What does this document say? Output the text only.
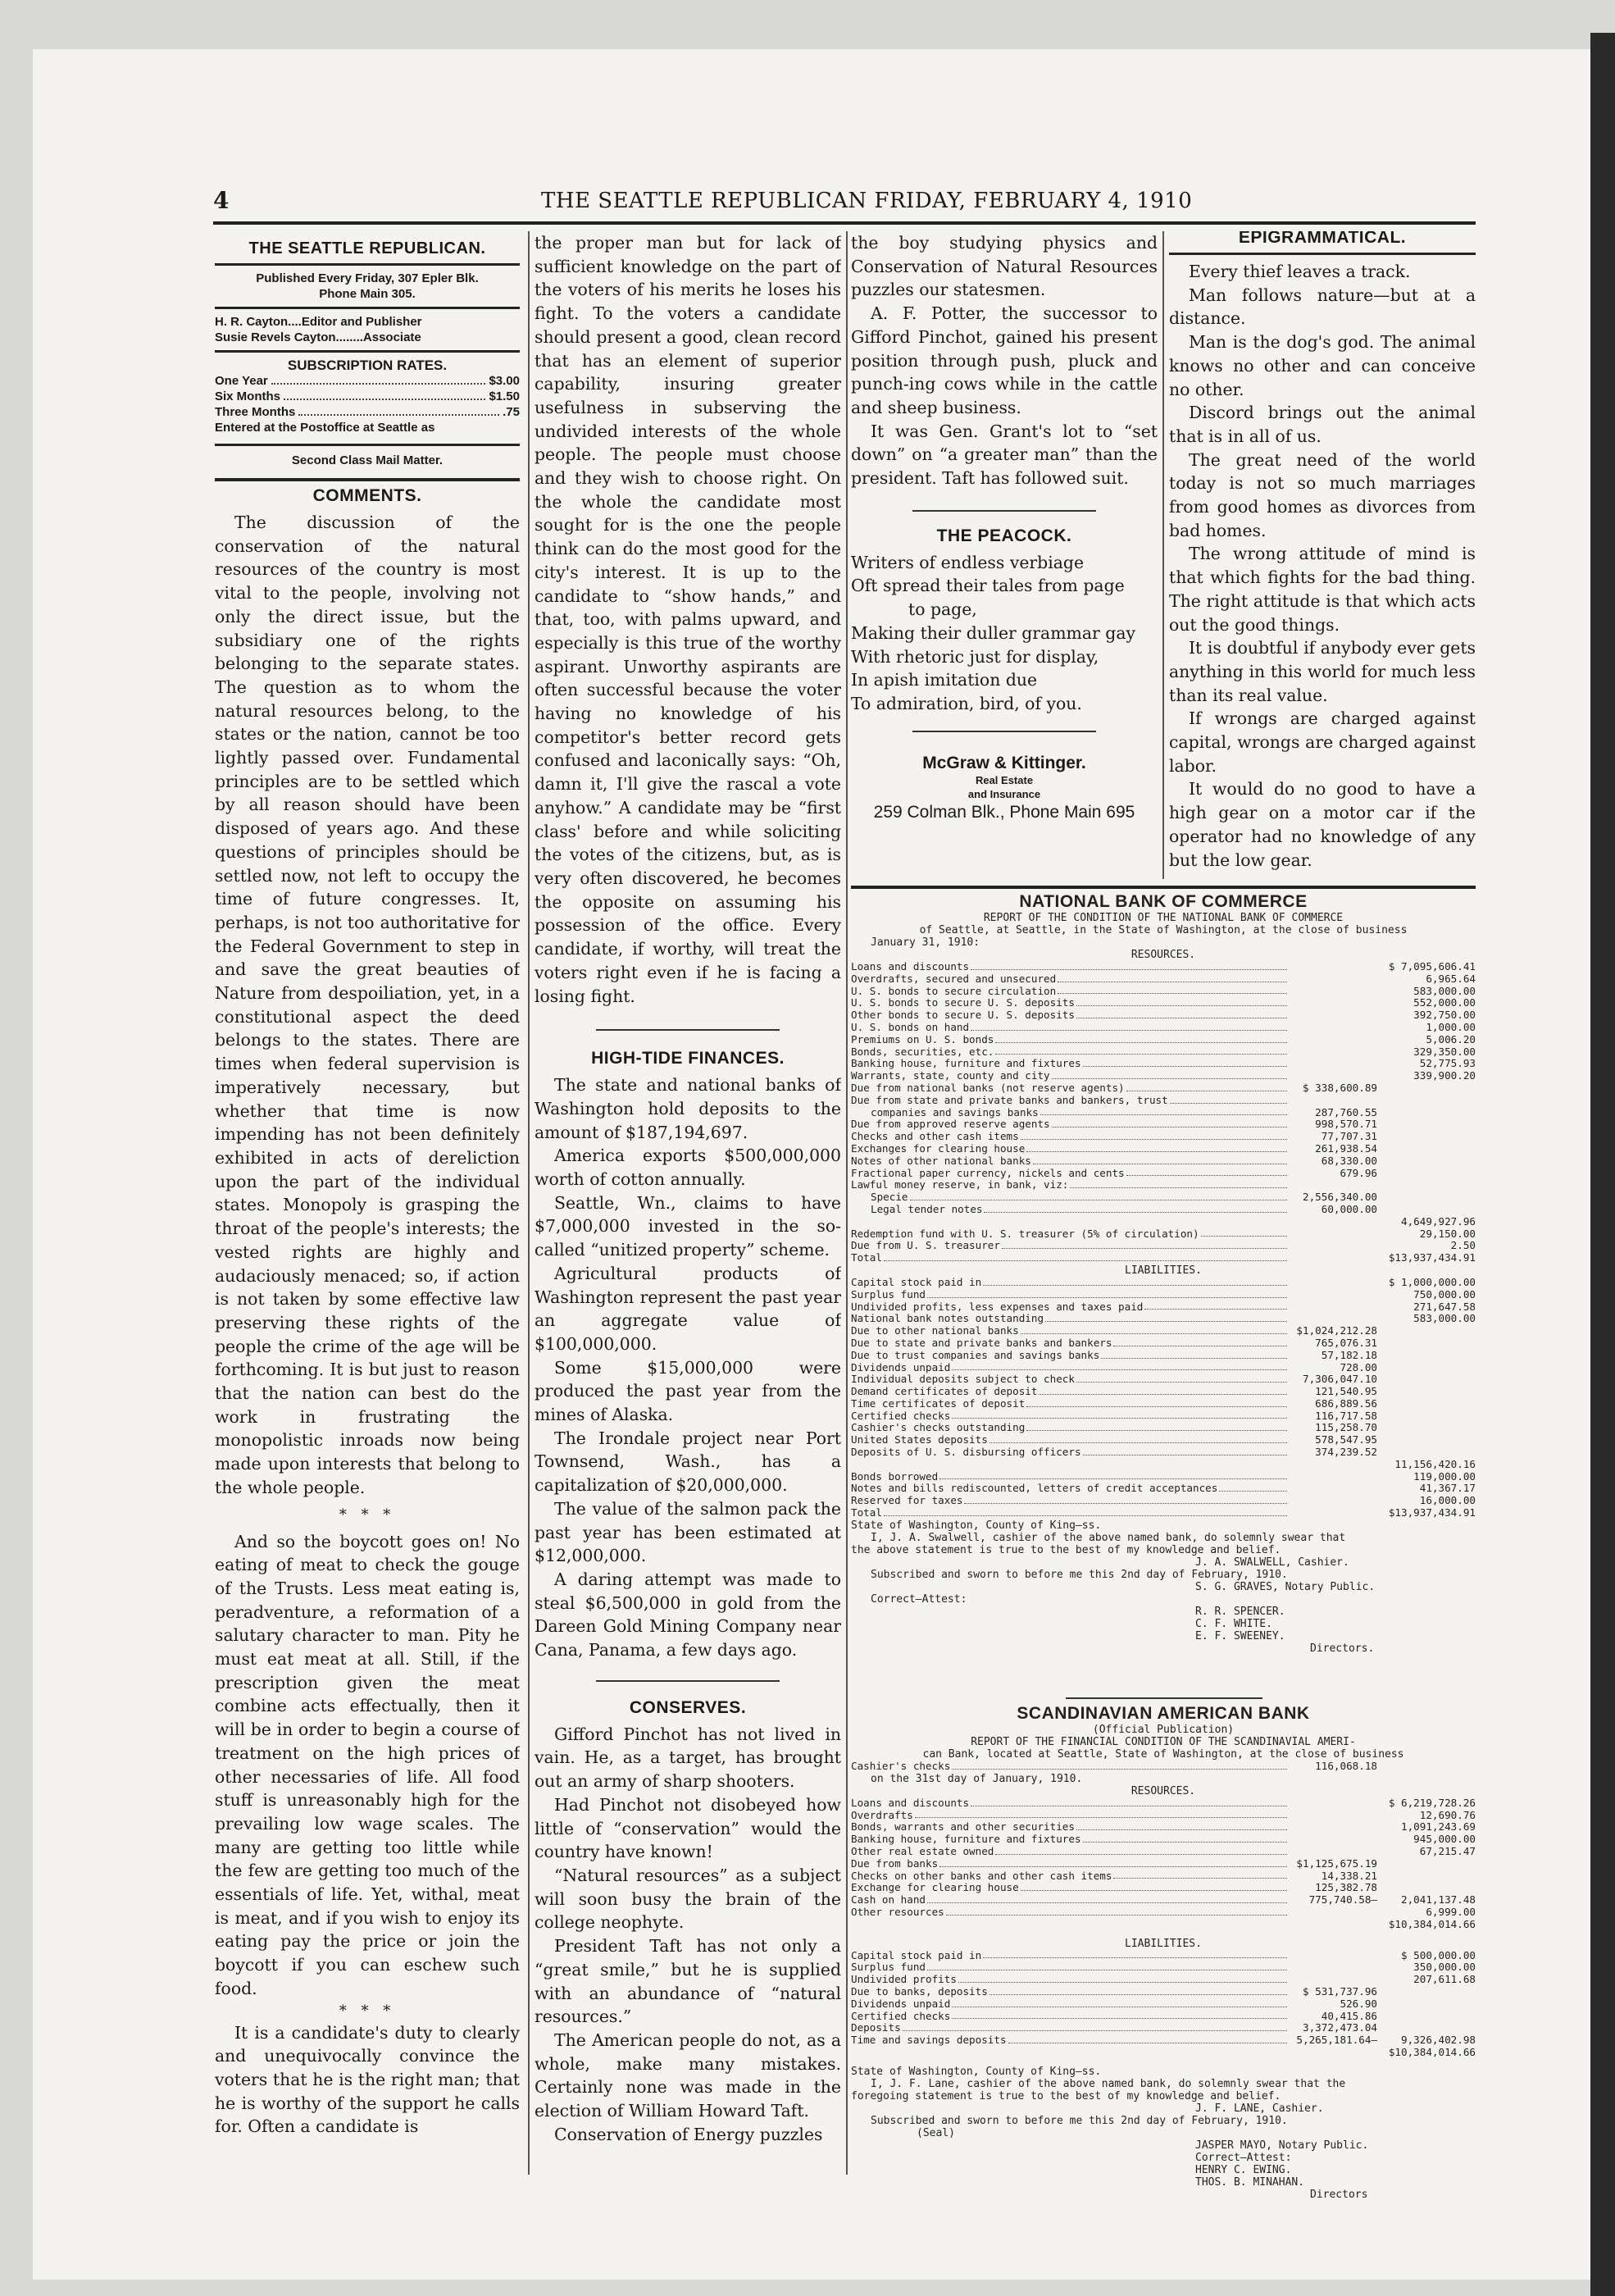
4	THE SEATTLE REPUBLICAN FRIDAY, FEBRUARY 4, 1910

THE SEATTLE REPUBLICAN.

Published Every Friday, 307 Epler Blk.

Phone Main 305.

H. R. Cayton....Editor and Publisher

Susie Revels Cayton........Associate

SUBSCRIPTION RATES.

One Year	$3.00
Six Months	$1.50
Three Months	.75

Entered at the Postoffice at Seattle as

Second Class Mail Matter.

COMMENTS.

The discussion of the conservation of the natural resources of the country is most vital to the people, involving not only the direct issue, but the subsidiary one of the rights belonging to the separate states. The question as to whom the natural resources belong, to the states or the nation, cannot be too lightly passed over. Fundamental principles are to be settled which by all reason should have been disposed of years ago. And these questions of principles should be settled now, not left to occupy the time of future congresses. It, perhaps, is not too authoritative for the Federal Government to step in and save the great beauties of Nature from despoiliation, yet, in a constitutional aspect the deed belongs to the states. There are times when federal supervision is imperatively necessary, but whether that time is now impending has not been definitely exhibited in acts of dereliction upon the part of the individual states. Monopoly is grasping the throat of the people's interests; the vested rights are highly and audaciously menaced; so, if action is not taken by some effective law preserving these rights of the people the crime of the age will be forthcoming. It is but just to reason that the nation can best do the work in frustrating the monopolistic inroads now being made upon interests that belong to the whole people.

* * *

And so the boycott goes on! No eating of meat to check the gouge of the Trusts. Less meat eating is, peradventure, a reformation of a salutary character to man. Pity he must eat meat at all. Still, if the prescription given the meat combine acts effectually, then it will be in order to begin a course of treatment on the high prices of other necessaries of life. All food stuff is unreasonably high for the prevailing low wage scales. The many are getting too little while the few are getting too much of the essentials of life. Yet, withal, meat is meat, and if you wish to enjoy its eating pay the price or join the boycott if you can eschew such food.

* * *

It is a candidate's duty to clearly and unequivocally convince the voters that he is the right man; that he is worthy of the support he calls for. Often a candidate is

the proper man but for lack of sufficient knowledge on the part of the voters of his merits he loses his fight. To the voters a candidate should present a good, clean record that has an element of superior capability, insuring greater usefulness in subserving the undivided interests of the whole people. The people must choose and they wish to choose right. On the whole the candidate most sought for is the one the people think can do the most good for the city's interest. It is up to the candidate to “show hands,” and that, too, with palms upward, and especially is this true of the worthy aspirant. Unworthy aspirants are often successful because the voter having no knowledge of his competitor's better record gets confused and laconically says: “Oh, damn it, I'll give the rascal a vote anyhow.” A candidate may be “first class' before and while soliciting the votes of the citizens, but, as is very often discovered, he becomes the opposite on assuming his possession of the office. Every candidate, if worthy, will treat the voters right even if he is facing a losing fight.

HIGH-TIDE FINANCES.

The state and national banks of Washington hold deposits to the amount of $187,194,697.

America exports $500,000,000 worth of cotton annually.

Seattle, Wn., claims to have $7,000,000 invested in the so-called “unitized property” scheme.

Agricultural products of Washington represent the past year an aggregate value of $100,000,000.

Some $15,000,000 were produced the past year from the mines of Alaska.

The Irondale project near Port Townsend, Wash., has a capitalization of $20,000,000.

The value of the salmon pack the past year has been estimated at $12,000,000.

A daring attempt was made to steal $6,500,000 in gold from the Dareen Gold Mining Company near Cana, Panama, a few days ago.

CONSERVES.

Gifford Pinchot has not lived in vain. He, as a target, has brought out an army of sharp shooters.

Had Pinchot not disobeyed how little of “conservation” would the country have known!

“Natural resources” as a subject will soon busy the brain of the college neophyte.

President Taft has not only a “great smile,” but he is supplied with an abundance of “natural resources.”

The American people do not, as a whole, make many mistakes. Certainly none was made in the election of William Howard Taft.

Conservation of Energy puzzles

the boy studying physics and Conservation of Natural Resources puzzles our statesmen.

A. F. Potter, the successor to Gifford Pinchot, gained his present position through push, pluck and punch-ing cows while in the cattle and sheep business.

It was Gen. Grant's lot to “set down” on “a greater man” than the president. Taft has followed suit.

THE PEACOCK.

Writers of endless verbiage

Oft spread their tales from page

to page,

Making their duller grammar gay

With rhetoric just for display,

In apish imitation due

To admiration, bird, of you.

McGraw & Kittinger.

Real Estate

and Insurance

259 Colman Blk., Phone Main 695

EPIGRAMMATICAL.

Every thief leaves a track.

Man follows nature—but at a distance.

Man is the dog's god. The animal knows no other and can conceive no other.

Discord brings out the animal that is in all of us.

The great need of the world today is not so much marriages from good homes as divorces from bad homes.

The wrong attitude of mind is that which fights for the bad thing. The right attitude is that which acts out the good things.

It is doubtful if anybody ever gets anything in this world for much less than its real value.

If wrongs are charged against capital, wrongs are charged against labor.

It would do no good to have a high gear on a motor car if the operator had no knowledge of any but the low gear.

NATIONAL BANK OF COMMERCE

REPORT OF THE CONDITION OF THE NATIONAL BANK OF COMMERCE

of Seattle, at Seattle, in the State of Washington, at the close of business

January 31, 1910:

RESOURCES.

Loans and discounts	$ 7,095,606.41
Overdrafts, secured and unsecured	6,965.64
U. S. bonds to secure circulation	583,000.00
U. S. bonds to secure U. S. deposits	552,000.00
Other bonds to secure U. S. deposits	392,750.00
U. S. bonds on hand	1,000.00
Premiums on U. S. bonds	5,006.20
Bonds, securities, etc.	329,350.00
Banking house, furniture and fixtures	52,775.93
Warrants, state, county and city	339,900.20
Due from national banks (not reserve agents)	$ 338,600.89
Due from state and private banks and bankers, trust
companies and savings banks	287,760.55
Due from approved reserve agents	998,570.71
Checks and other cash items	77,707.31
Exchanges for clearing house	261,938.54
Notes of other national banks	68,330.00
Fractional paper currency, nickels and cents	679.96
Lawful money reserve, in bank, viz:
Specie	2,556,340.00
Legal tender notes	60,000.00
4,649,927.96
Redemption fund with U. S. treasurer (5% of circulation)	29,150.00
Due from U. S. treasurer	2.50
Total	$13,937,434.91

LIABILITIES.

Capital stock paid in	$ 1,000,000.00
Surplus fund	750,000.00
Undivided profits, less expenses and taxes paid	271,647.58
National bank notes outstanding	583,000.00
Due to other national banks	$1,024,212.28
Due to state and private banks and bankers	765,076.31
Due to trust companies and savings banks	57,182.18
Dividends unpaid	728.00
Individual deposits subject to check	7,306,047.10
Demand certificates of deposit	121,540.95
Time certificates of deposit	686,889.56
Certified checks	116,717.58
Cashier's checks outstanding	115,258.70
United States deposits	578,547.95
Deposits of U. S. disbursing officers	374,239.52
11,156,420.16
Bonds borrowed	119,000.00
Notes and bills rediscounted, letters of credit acceptances	41,367.17
Reserved for taxes	16,000.00
Total	$13,937,434.91

State of Washington, County of King—ss.

I, J. A. Swalwell, cashier of the above named bank, do solemnly swear that

the above statement is true to the best of my knowledge and belief.

J. A. SWALWELL, Cashier.

Subscribed and sworn to before me this 2nd day of February, 1910.

S. G. GRAVES, Notary Public.

Correct—Attest:

R. R. SPENCER.

C. F. WHITE.

E. F. SWEENEY.

Directors.

SCANDINAVIAN AMERICAN BANK

(Official Publication)

REPORT OF THE FINANCIAL CONDITION OF THE SCANDINAVIAL AMERI-

can Bank, located at Seattle, State of Washington, at the close of business

Cashier's checks	116,068.18

on the 31st day of January, 1910.

RESOURCES.

Loans and discounts	$ 6,219,728.26
Overdrafts	12,690.76
Bonds, warrants and other securities	1,091,243.69
Banking house, furniture and fixtures	945,000.00
Other real estate owned	67,215.47
Due from banks	$1,125,675.19
Checks on other banks and other cash items	14,338.21
Exchange for clearing house	125,382.78
Cash on hand	775,740.58—	2,041,137.48
Other resources	6,999.00
$10,384,014.66

LIABILITIES.

Capital stock paid in	$ 500,000.00
Surplus fund	350,000.00
Undivided profits	207,611.68
Due to banks, deposits	$ 531,737.96
Dividends unpaid	526.90
Certified checks	40,415.86
Deposits	3,372,473.04
Time and savings deposits	5,265,181.64—	9,326,402.98
$10,384,014.66

State of Washington, County of King—ss.

I, J. F. Lane, cashier of the above named bank, do solemnly swear that the

foregoing statement is true to the best of my knowledge and belief.

J. F. LANE, Cashier.

Subscribed and sworn to before me this 2nd day of February, 1910.

(Seal)

JASPER MAYO, Notary Public.

Correct—Attest:

HENRY C. EWING.

THOS. B. MINAHAN.

Directors
